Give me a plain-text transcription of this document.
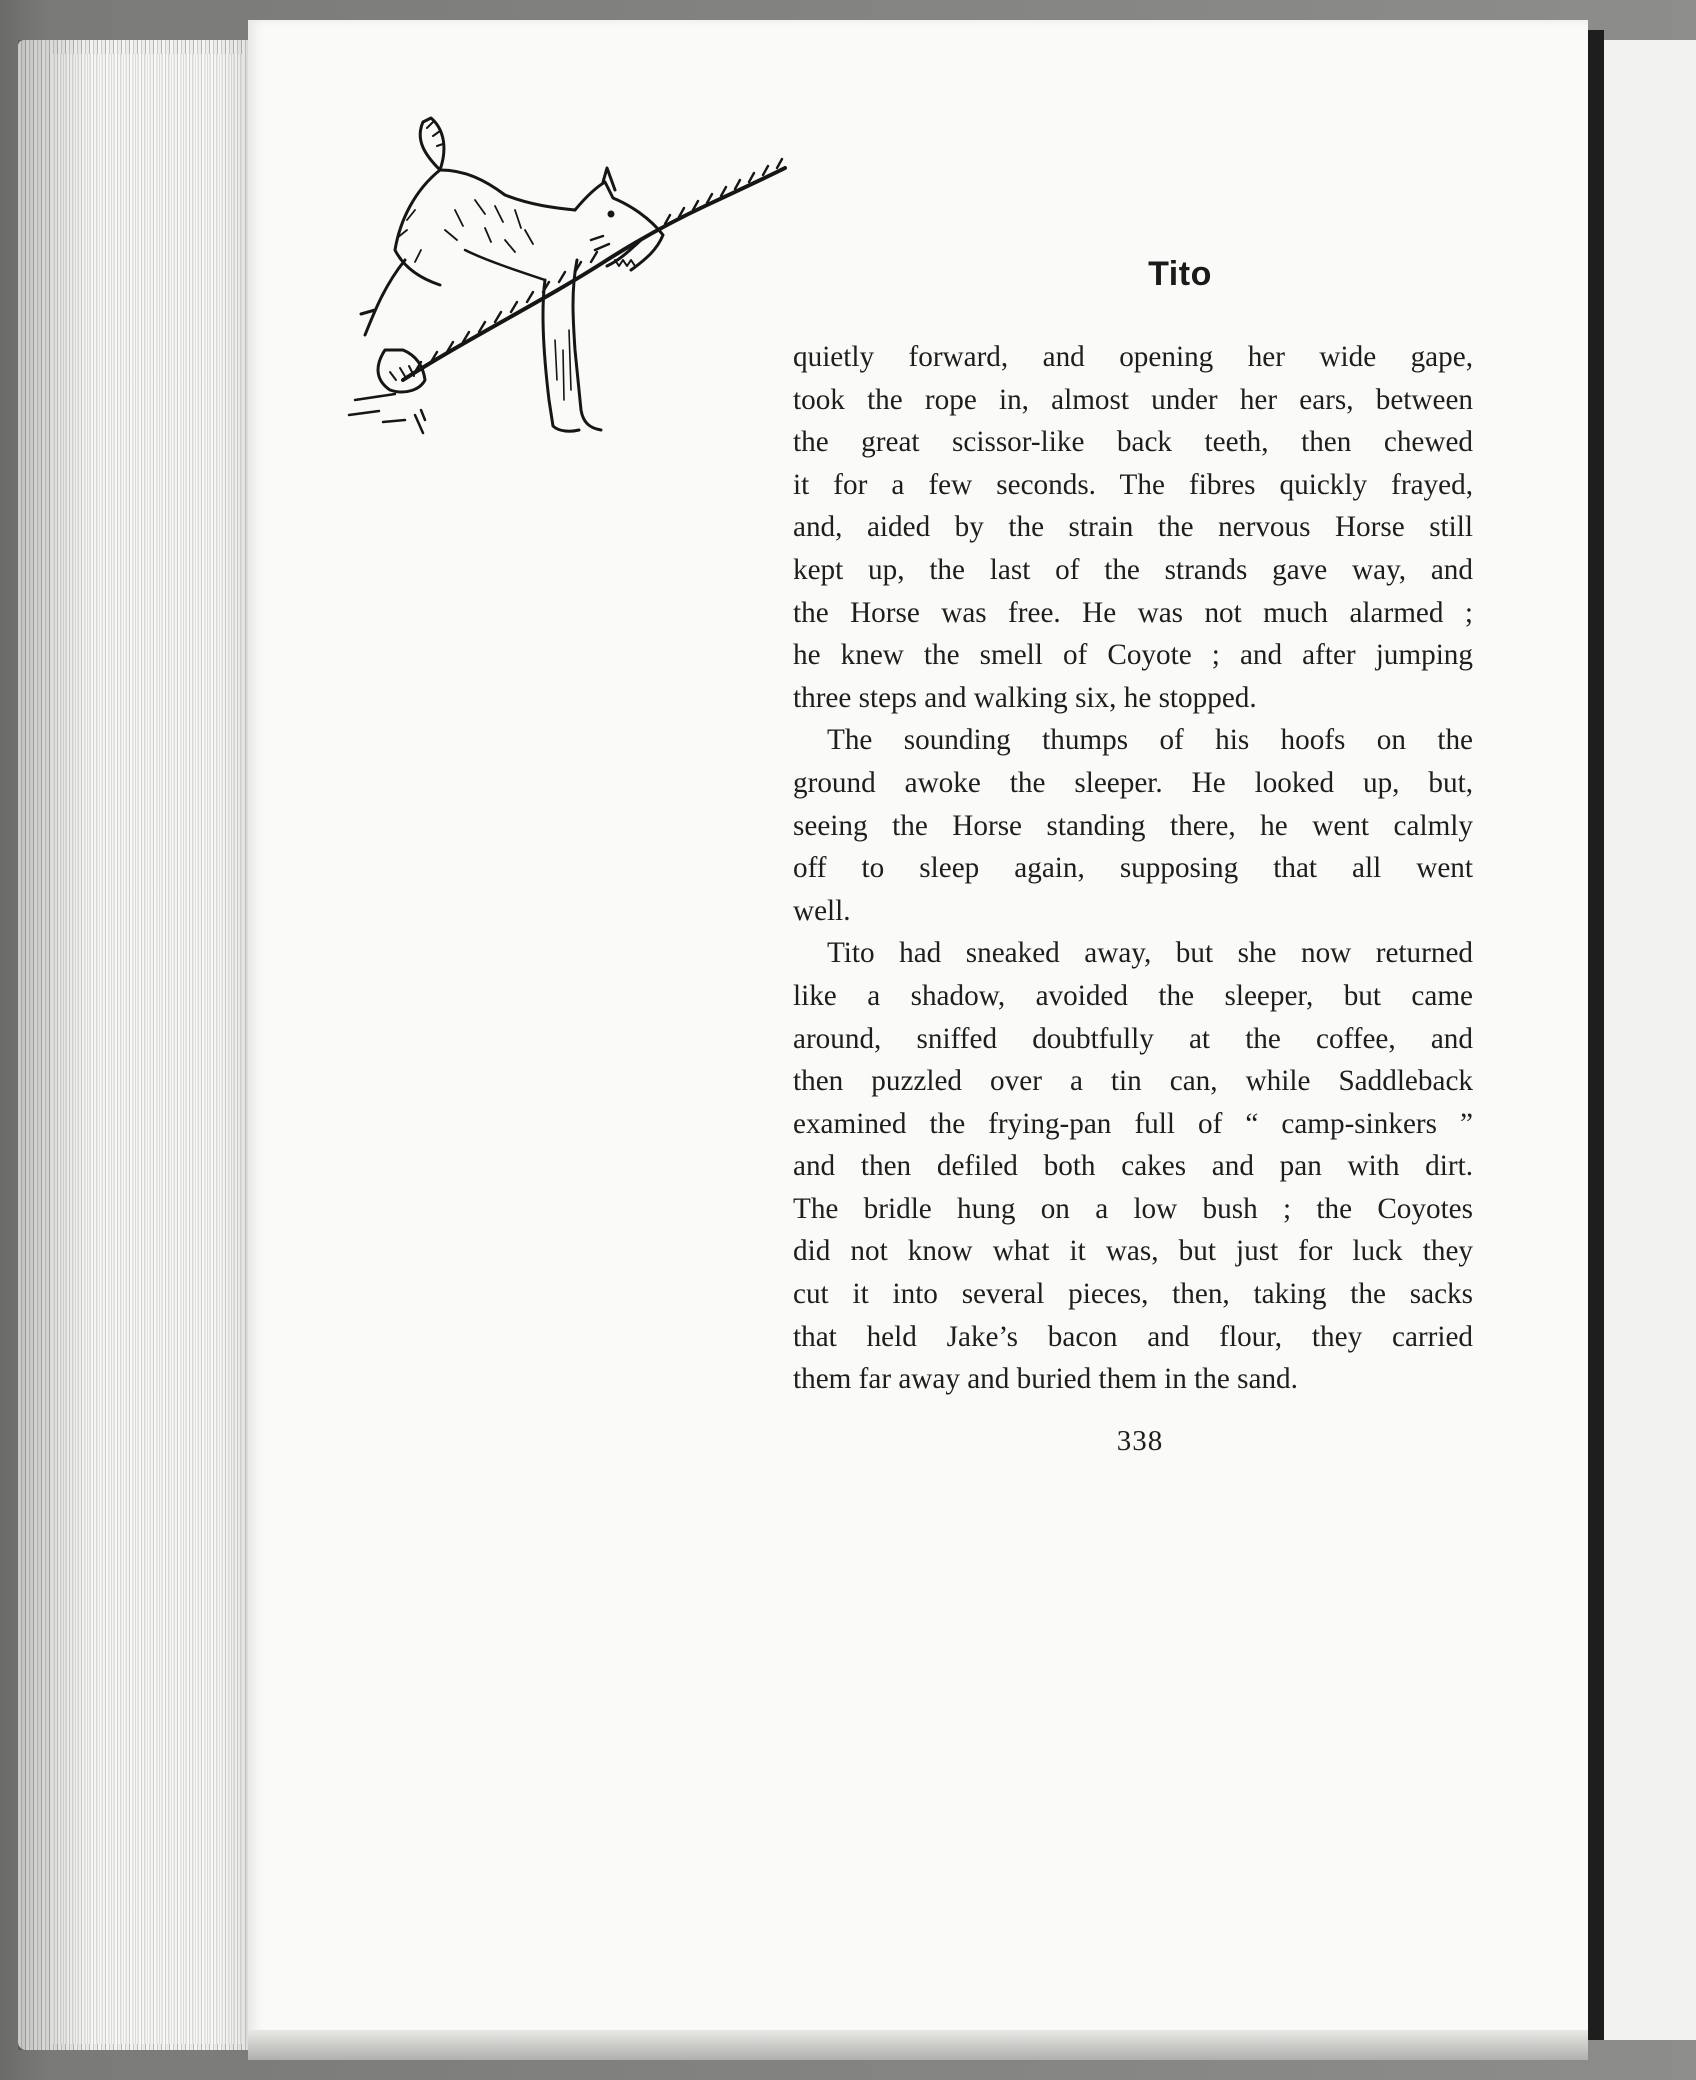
Tito
quietly forward, and opening her wide gape,
took the rope in, almost under her ears, between
the great scissor-like back teeth, then chewed
it for a few seconds. The fibres quickly frayed,
and, aided by the strain the nervous Horse still
kept up, the last of the strands gave way, and
the Horse was free. He was not much alarmed ;
he knew the smell of Coyote ; and after jumping
three steps and walking six, he stopped.
The sounding thumps of his hoofs on the
ground awoke the sleeper. He looked up, but,
seeing the Horse standing there, he went calmly
off to sleep again, supposing that all went
well.
Tito had sneaked away, but she now returned
like a shadow, avoided the sleeper, but came
around, sniffed doubtfully at the coffee, and
then puzzled over a tin can, while Saddleback
examined the frying-pan full of “ camp-sinkers ”
and then defiled both cakes and pan with dirt.
The bridle hung on a low bush ; the Coyotes
did not know what it was, but just for luck they
cut it into several pieces, then, taking the sacks
that held Jake’s bacon and flour, they carried
them far away and buried them in the sand.
338
